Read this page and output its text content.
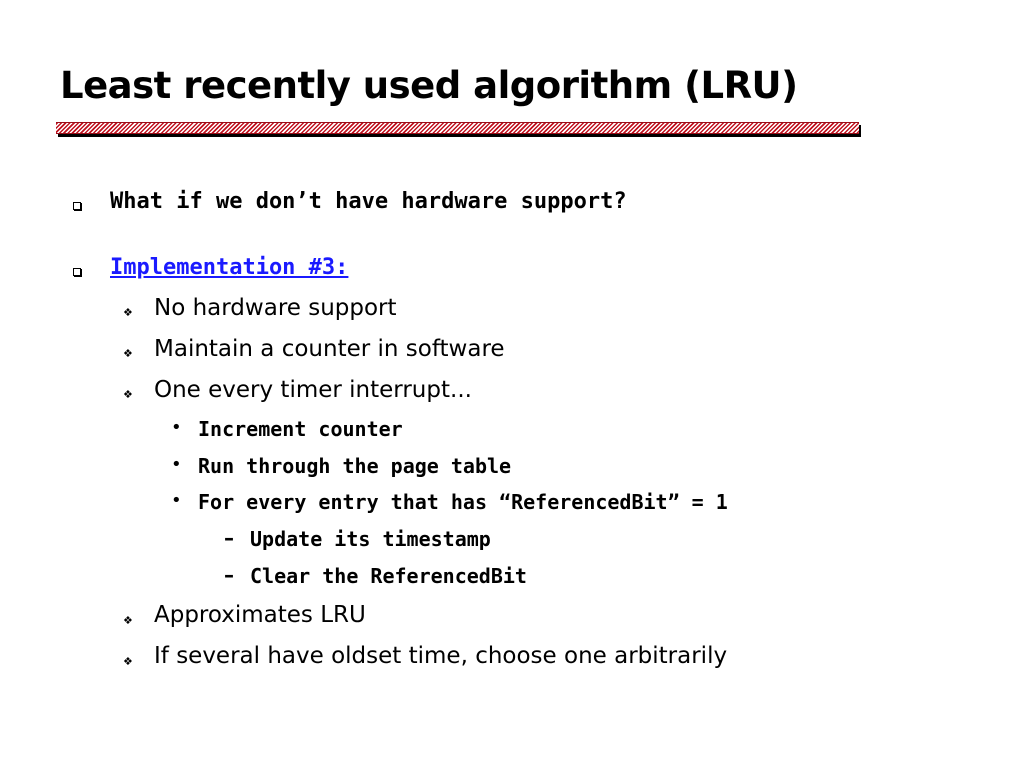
Least recently used algorithm (LRU)
What if we don’t have hardware support?
Implementation #3:
❖ No hardware support
❖ Maintain a counter in software
❖ One every timer interrupt...
• Increment counter
• Run through the page table
• For every entry that has “ReferencedBit” = 1
– Update its timestamp
– Clear the ReferencedBit
❖ Approximates LRU
❖ If several have oldset time, choose one arbitrarily
